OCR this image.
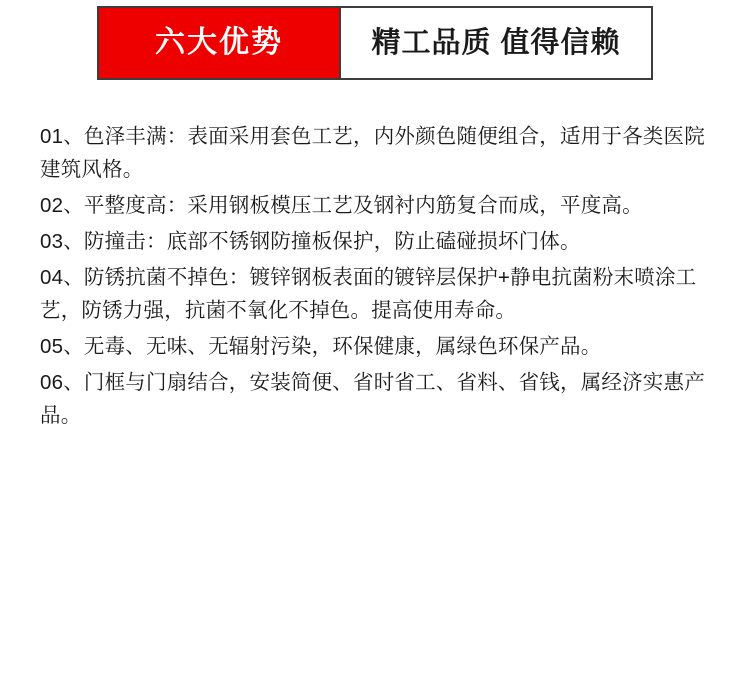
六大优势	精工品质 值得信赖

01、色泽丰满：表面采用套色工艺，内外颜色随便组合，适用于各类医院建筑风格。

02、平整度高：采用钢板模压工艺及钢衬内筋复合而成，平度高。

03、防撞击：底部不锈钢防撞板保护，防止磕碰损坏门体。

04、防锈抗菌不掉色：镀锌钢板表面的镀锌层保护+静电抗菌粉末喷涂工艺，防锈力强，抗菌不氧化不掉色。提高使用寿命。

05、无毒、无味、无辐射污染，环保健康，属绿色环保产品。

06、门框与门扇结合，安装简便、省时省工、省料、省钱，属经济实惠产品。
